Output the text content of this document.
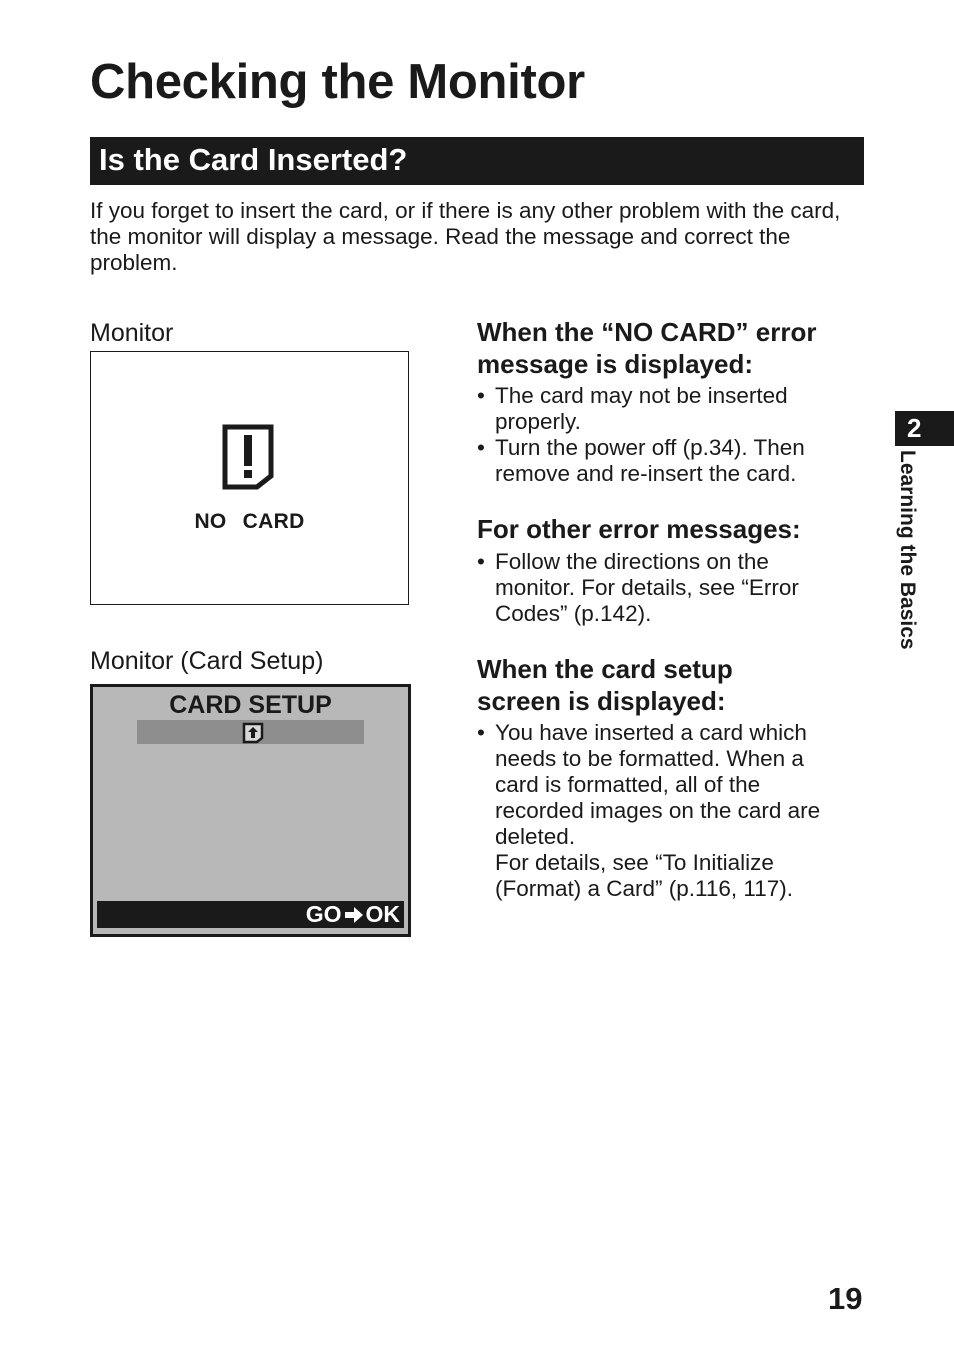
Checking the Monitor
Is the Card Inserted?

If you forget to insert the card, or if there is any other problem with the card, the monitor will display a message. Read the message and correct the problem.

Monitor
NO CARD
Monitor (Card Setup)
CARD SETUP
GO OK
When the “NO CARD” error
message is displayed:
• The card may not be inserted
properly.
• Turn the power off (p.34). Then
remove and re-insert the card.
For other error messages:
• Follow the directions on the
monitor. For details, see “Error
Codes” (p.142).
When the card setup
screen is displayed:
• You have inserted a card which
needs to be formatted. When a
card is formatted, all of the
recorded images on the card are
deleted.
For details, see “To Initialize
(Format) a Card” (p.116, 117).
2
Learning the Basics
19
